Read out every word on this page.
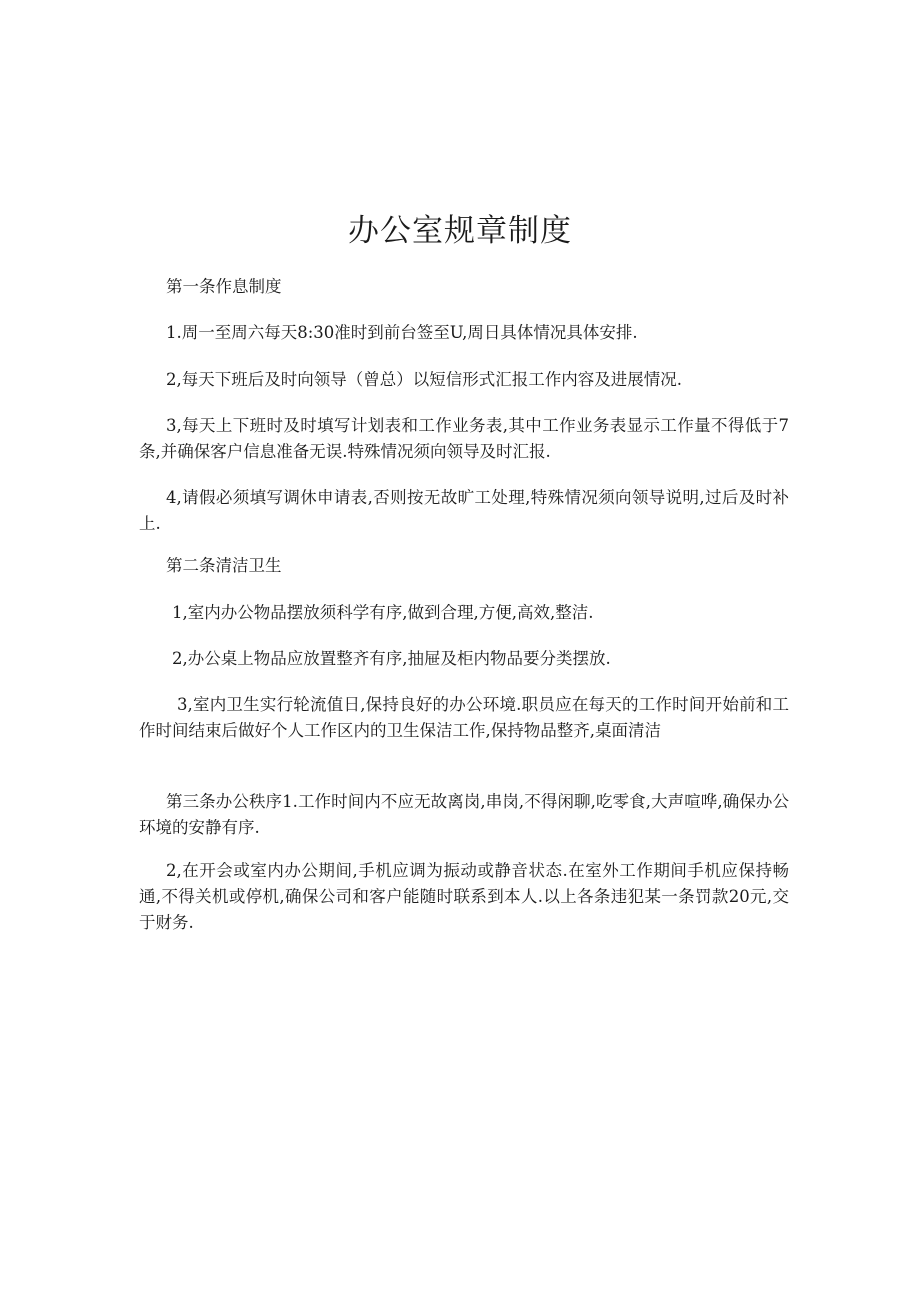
办公室规章制度

第一条作息制度

1.周一至周六每天8:30准时到前台签至U,周日具体情况具体安排.

2,每天下班后及时向领导（曾总）以短信形式汇报工作内容及进展情况.

3,每天上下班时及时填写计划表和工作业务表,其中工作业务表显示工作量不得低于7条,并确保客户信息准备无误.特殊情况须向领导及时汇报.

4,请假必须填写调休申请表,否则按无故旷工处理,特殊情况须向领导说明,过后及时补上.

第二条清洁卫生

1,室内办公物品摆放须科学有序,做到合理,方便,高效,整洁.

2,办公桌上物品应放置整齐有序,抽屉及柜内物品要分类摆放.

3,室内卫生实行轮流值日,保持良好的办公环境.职员应在每天的工作时间开始前和工作时间结束后做好个人工作区内的卫生保洁工作,保持物品整齐,桌面清洁

第三条办公秩序1.工作时间内不应无故离岗,串岗,不得闲聊,吃零食,大声喧哗,确保办公环境的安静有序.

2,在开会或室内办公期间,手机应调为振动或静音状态.在室外工作期间手机应保持畅通,不得关机或停机,确保公司和客户能随时联系到本人.以上各条违犯某一条罚款20元,交于财务.
